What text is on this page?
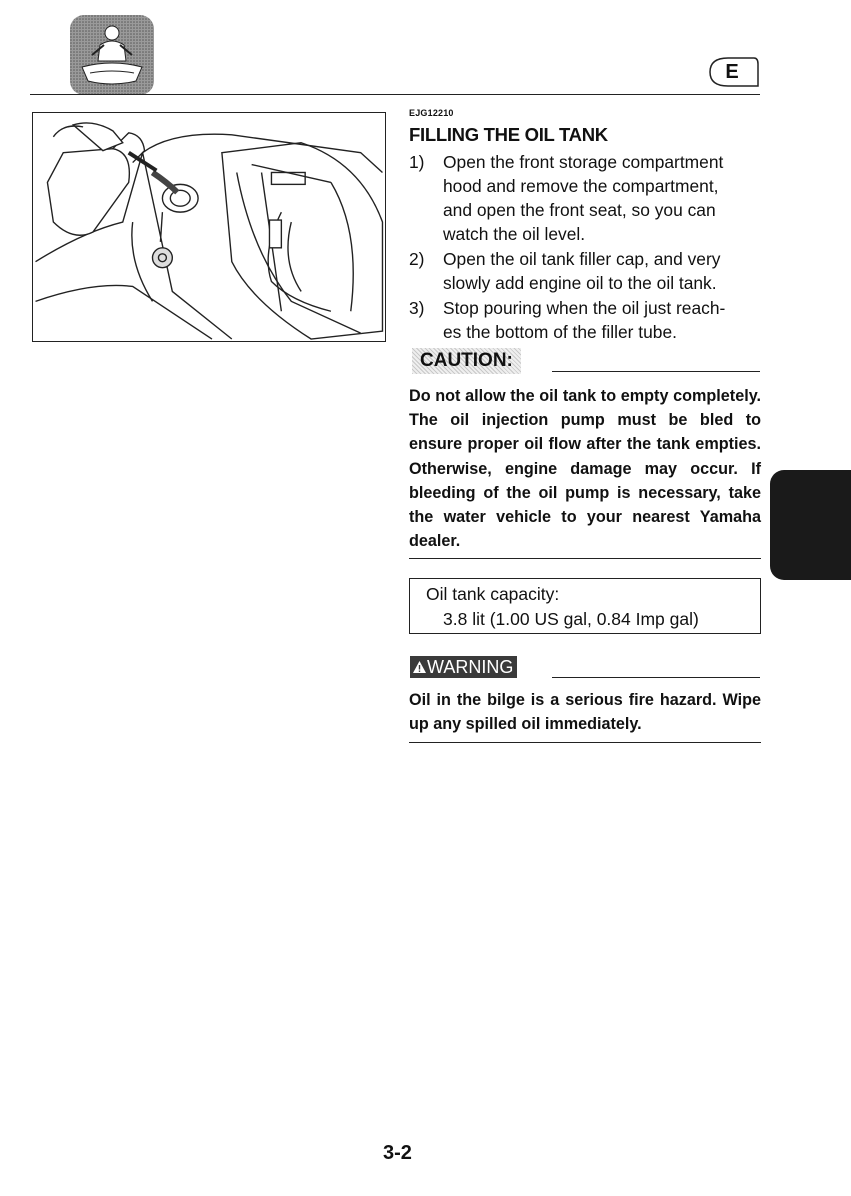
E
EJG12210
FILLING THE OIL TANK
1)	Open the front storage compartment
hood and remove the compartment,
and open the front seat, so you can
watch the oil level.
2)	Open the oil tank filler cap, and very
slowly add engine oil to the oil tank.
3)	Stop pouring when the oil just reach-
es the bottom of the filler tube.
CAUTION:
Do not allow the oil tank to empty completely. The oil injection pump must be bled to ensure proper oil flow after the tank empties. Otherwise, engine damage may occur. If bleeding of the oil pump is necessary, take the water vehicle to your nearest Yamaha dealer.
Oil tank capacity:
3.8 lit (1.00 US gal, 0.84 Imp gal)
WARNING
Oil in the bilge is a serious fire hazard. Wipe up any spilled oil immediately.
3-2
